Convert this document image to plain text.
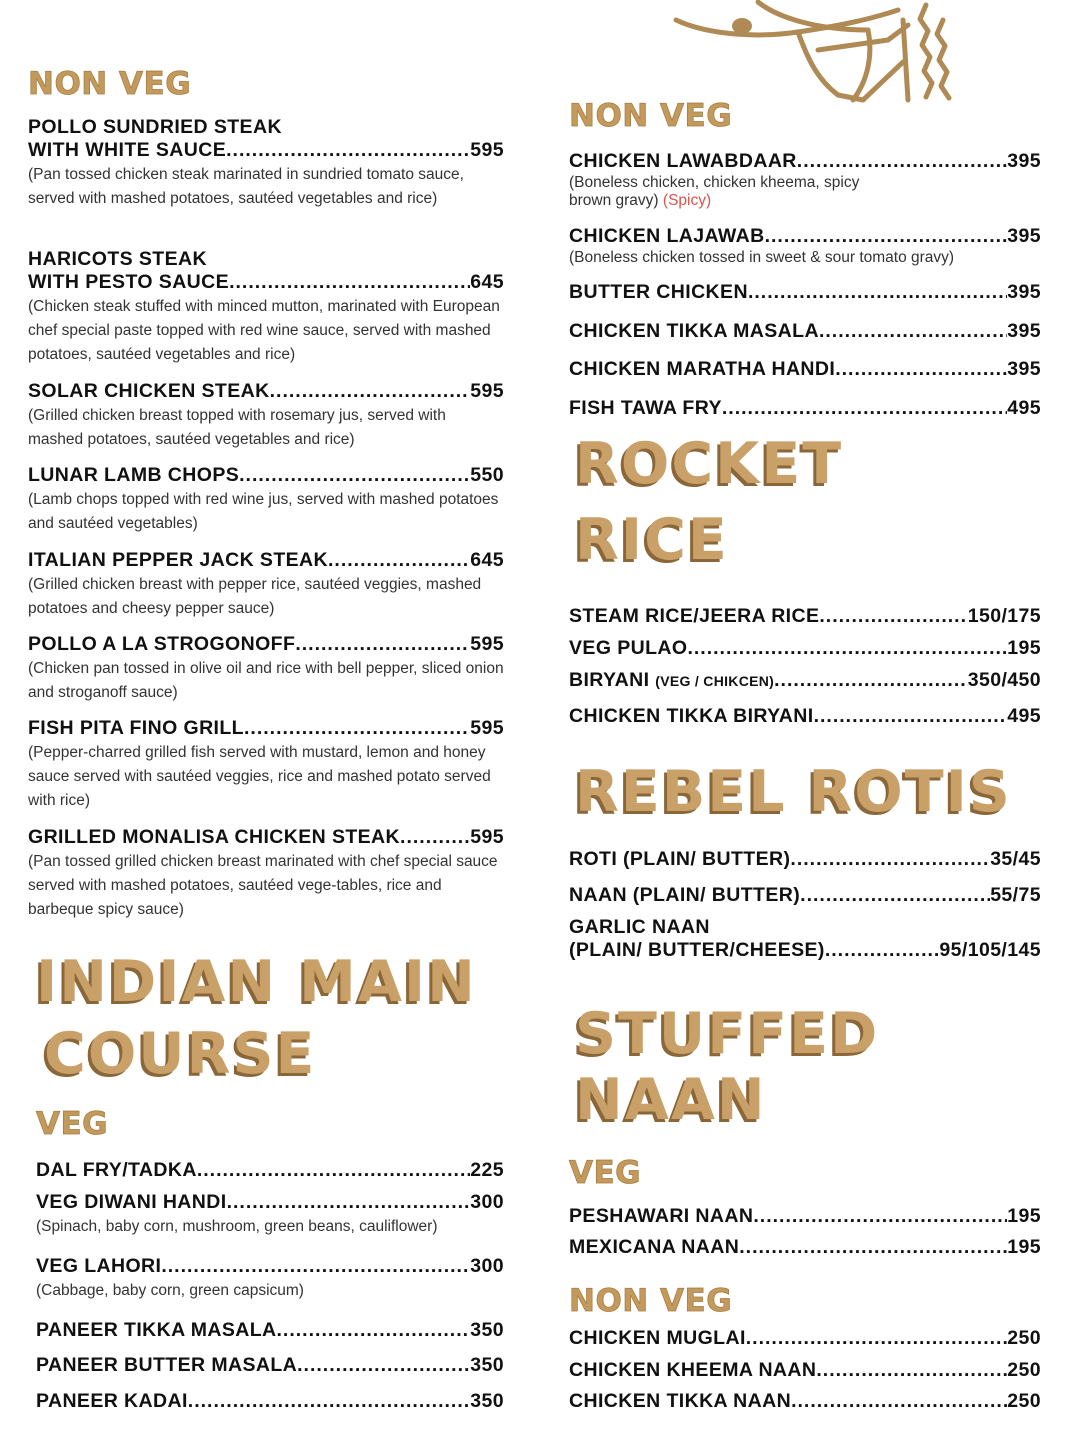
NON VEG
POLLO SUNDRIED STEAK
WITH WHITE SAUCE .....	595
(Pan tossed chicken steak marinated in sundried tomato sauce, served with mashed potatoes, sautéed vegetables and rice)
HARICOTS STEAK
WITH PESTO SAUCE .....	645
(Chicken steak stuffed with minced mutton, marinated with European chef special paste topped with red wine sauce, served with mashed potatoes, sautéed vegetables and rice)
SOLAR CHICKEN STEAK .....	595
(Grilled chicken breast topped with rosemary jus, served with mashed potatoes, sautéed vegetables and rice)
LUNAR LAMB CHOPS .....	550
(Lamb chops topped with red wine jus, served with mashed potatoes and sautéed vegetables)
ITALIAN PEPPER JACK STEAK .....	645
(Grilled chicken breast with pepper rice, sautéed veggies, mashed potatoes and cheesy pepper sauce)
POLLO A LA STROGONOFF .....	595
(Chicken pan tossed in olive oil and rice with bell pepper, sliced onion and stroganoff sauce)
FISH PITA FINO GRILL .....	595
(Pepper-charred grilled fish served with mustard, lemon and honey sauce served with sautéed veggies, rice and mashed potato served with rice)
GRILLED MONALISA CHICKEN STEAK .....	595
(Pan tossed grilled chicken breast marinated with chef special sauce served with mashed potatoes, sautéed vege-tables, rice and barbeque spicy sauce)
INDIAN MAIN
COURSE
VEG
DAL FRY/TADKA .....	225
VEG DIWANI HANDI .....	300
(Spinach, baby corn, mushroom, green beans, cauliflower)
VEG LAHORI .....	300
(Cabbage, baby corn, green capsicum)
PANEER TIKKA MASALA .....	350
PANEER BUTTER MASALA .....	350
PANEER KADAI .....	350
NON VEG
CHICKEN LAWABDAAR .....	395
(Boneless chicken, chicken kheema, spicy brown gravy) (Spicy)
CHICKEN LAJAWAB .....	395
(Boneless chicken tossed in sweet & sour tomato gravy)
BUTTER CHICKEN .....	395
CHICKEN TIKKA MASALA .....	395
CHICKEN MARATHA HANDI .....	395
FISH TAWA FRY .....	495
ROCKET
RICE
STEAM RICE/JEERA RICE .....	150/175
VEG PULAO .....	195
BIRYANI
(VEG / CHIKCEN) .....	350/450
CHICKEN TIKKA BIRYANI .....	495
REBEL ROTIS
ROTI (PLAIN/ BUTTER) .....	35/45
NAAN (PLAIN/ BUTTER) .....	55/75
GARLIC NAAN
(PLAIN/ BUTTER/CHEESE) .....	95/105/145
STUFFED
NAAN
VEG
PESHAWARI NAAN .....	195
MEXICANA NAAN .....	195
NON VEG
CHICKEN MUGLAI .....	250
CHICKEN KHEEMA NAAN .....	250
CHICKEN TIKKA NAAN .....	250
